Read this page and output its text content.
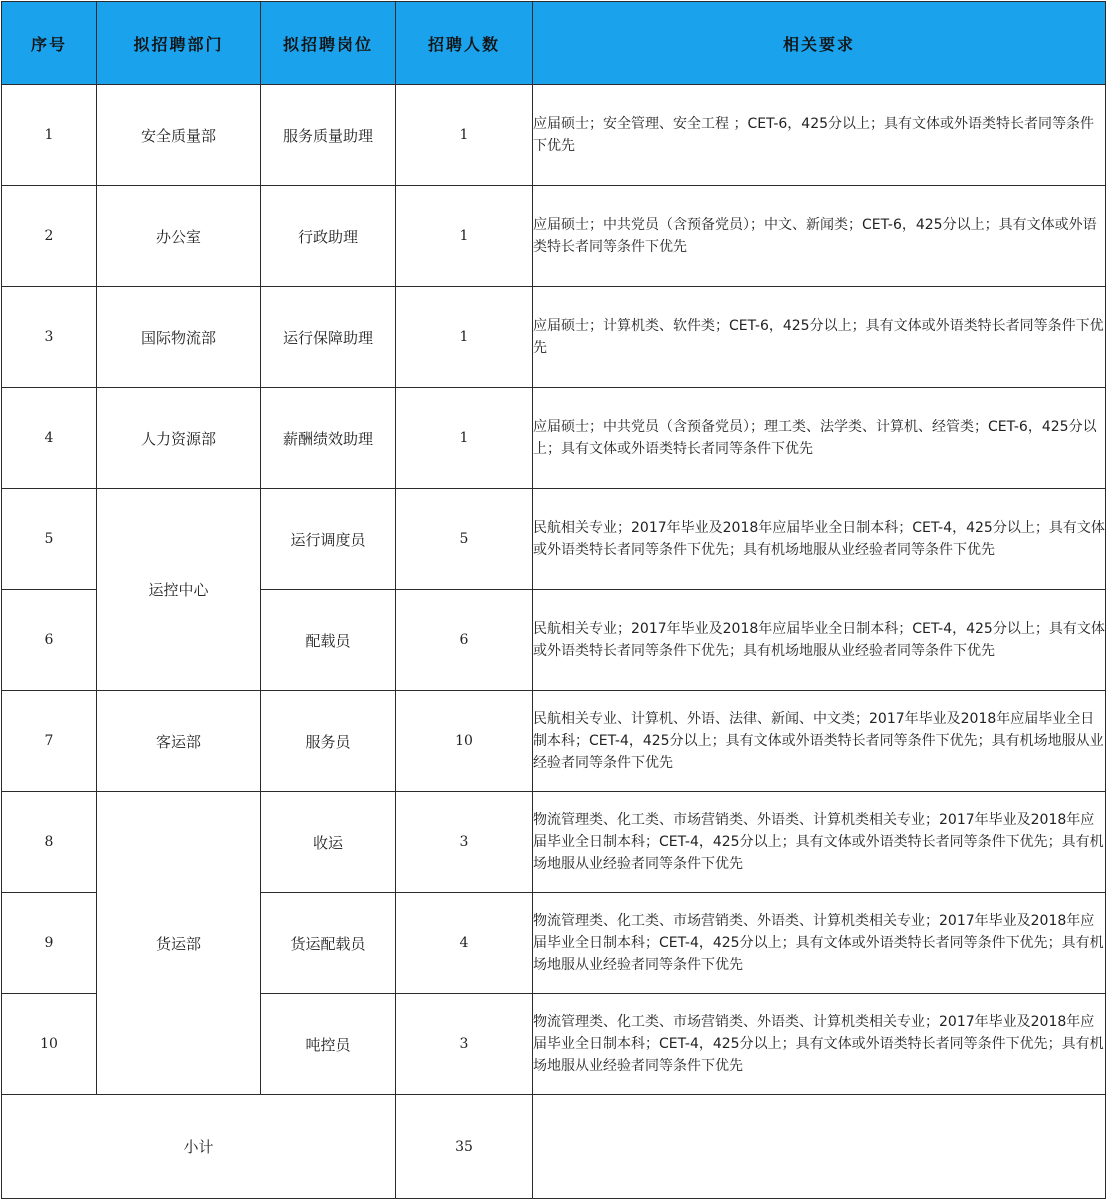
序号	拟招聘部门	拟招聘岗位	招聘人数	相关要求
1	安全质量部	服务质量助理	1	应届硕士；安全管理、安全工程 ；CET-6，425分以上；具有文体或外语类特长者同等条件下优先
2	办公室	行政助理	1	应届硕士；中共党员（含预备党员）；中文、新闻类；CET-6，425分以上；具有文体或外语类特长者同等条件下优先
3	国际物流部	运行保障助理	1	应届硕士；计算机类、软件类；CET-6，425分以上；具有文体或外语类特长者同等条件下优先
4	人力资源部	薪酬绩效助理	1	应届硕士；中共党员（含预备党员）；理工类、法学类、计算机、经管类；CET-6，425分以上；具有文体或外语类特长者同等条件下优先
5	运控中心	运行调度员	5	民航相关专业；2017年毕业及2018年应届毕业全日制本科；CET-4，425分以上；具有文体或外语类特长者同等条件下优先；具有机场地服从业经验者同等条件下优先
6		配载员	6	民航相关专业；2017年毕业及2018年应届毕业全日制本科；CET-4，425分以上；具有文体或外语类特长者同等条件下优先；具有机场地服从业经验者同等条件下优先
7	客运部	服务员	10	民航相关专业、计算机、外语、法律、新闻、中文类；2017年毕业及2018年应届毕业全日制本科；CET-4，425分以上；具有文体或外语类特长者同等条件下优先；具有机场地服从业经验者同等条件下优先
8	货运部	收运	3	物流管理类、化工类、市场营销类、外语类、计算机类相关专业；2017年毕业及2018年应届毕业全日制本科；CET-4，425分以上；具有文体或外语类特长者同等条件下优先；具有机场地服从业经验者同等条件下优先
9		货运配载员	4	物流管理类、化工类、市场营销类、外语类、计算机类相关专业；2017年毕业及2018年应届毕业全日制本科；CET-4，425分以上；具有文体或外语类特长者同等条件下优先；具有机场地服从业经验者同等条件下优先
10		吨控员	3	物流管理类、化工类、市场营销类、外语类、计算机类相关专业；2017年毕业及2018年应届毕业全日制本科；CET-4，425分以上；具有文体或外语类特长者同等条件下优先；具有机场地服从业经验者同等条件下优先
小计			35	
